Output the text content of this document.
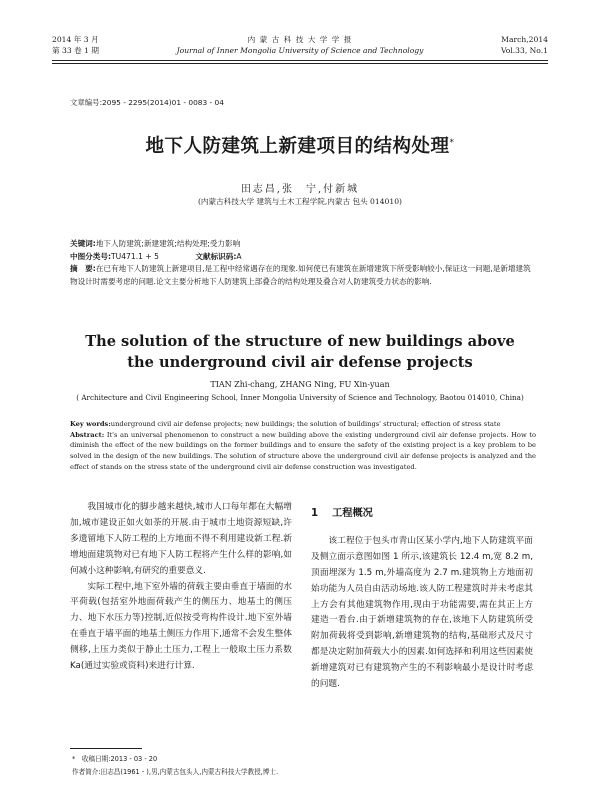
2014 年 3 月
第 33 卷 1 期
内 蒙 古 科 技 大 学 学 报
Journal of Inner Mongolia University of Science and Technology
March,2014
Vol.33, No.1
文章编号:2095 - 2295(2014)01 - 0083 - 04
地下人防建筑上新建项目的结构处理*
田志昌,张　宁,付新城
(内蒙古科技大学 建筑与土木工程学院,内蒙古 包头 014010)

关键词:地下人防建筑;新建建筑;结构处理;受力影响

中图分类号:TU471.1 + 5	文献标识码:A

摘　要:在已有地下人防建筑上新建项目,是工程中经常遇存在的现象.如何使已有建筑在新增建筑下所受影响较小,保证这一问题,是新增建筑物设计时需要考虑的问题.论文主要分析地下人防建筑上部叠合的结构处理及叠合对人防建筑受力状态的影响.

The solution of the structure of new buildings above
the underground civil air defense projects
TIAN Zhi-chang, ZHANG Ning, FU Xin-yuan
( Architecture and Civil Engineering School, Inner Mongolia University of Science and Technology, Baotou 014010, China)

Key words:underground civil air defense projects; new buildings; the solution of buildings' structural; effection of stress state

Abstract: It's an universal phenomenon to construct a new building above the existing underground civil air defense projects. How to diminish the effect of the new buildings on the former buildings and to ensure the safety of the existing project is a key problem to be solved in the design of the new buildings. The solution of structure above the underground civil air defense projects is analyzed and the effect of stands on the stress state of the underground civil air defense construction was investigated.

我国城市化的脚步越来越快,城市人口每年都在大幅增加,城市建设正如火如荼的开展.由于城市土地资源短缺,许多遗留地下人防工程的上方地面不得不利用建设新工程.新增地面建筑物对已有地下人防工程将产生什么样的影响,如何减小这种影响,有研究的重要意义.

实际工程中,地下室外墙的荷载主要由垂直于墙面的水平荷载(包括室外地面荷载产生的侧压力、地基土的侧压力、地下水压力等)控制,近似按受弯构件设计.地下室外墙在垂直于墙平面的地基土侧压力作用下,通常不会发生整体侧移,上压力类似于静止土压力,工程上一般取土压力系数 Ka(通过实验或资料)来进行计算.

1 工程概况

该工程位于包头市青山区某小学内,地下人防建筑平面及侧立面示意图如图 1 所示,该建筑长 12.4 m,宽 8.2 m,顶面埋深为 1.5 m,外墙高度为 2.7 m.建筑物上方地面初始功能为人员自由活动场地.该人防工程建筑时并未考虑其上方会有其他建筑物作用,现由于功能需要,需在其正上方建造一看台.由于新增建筑物的存在,该地下人防建筑所受附加荷载将受到影响,新增建筑物的结构,基础形式及尺寸都是决定附加荷载大小的因素.如何选择和利用这些因素使新增建筑对已有建筑物产生的不利影响最小是设计时考虑的问题.

*　 收稿日期:2013 - 03 - 20

作者简介:田志昌(1961 - ),男,内蒙古包头人,内蒙古科技大学教授,博士.
